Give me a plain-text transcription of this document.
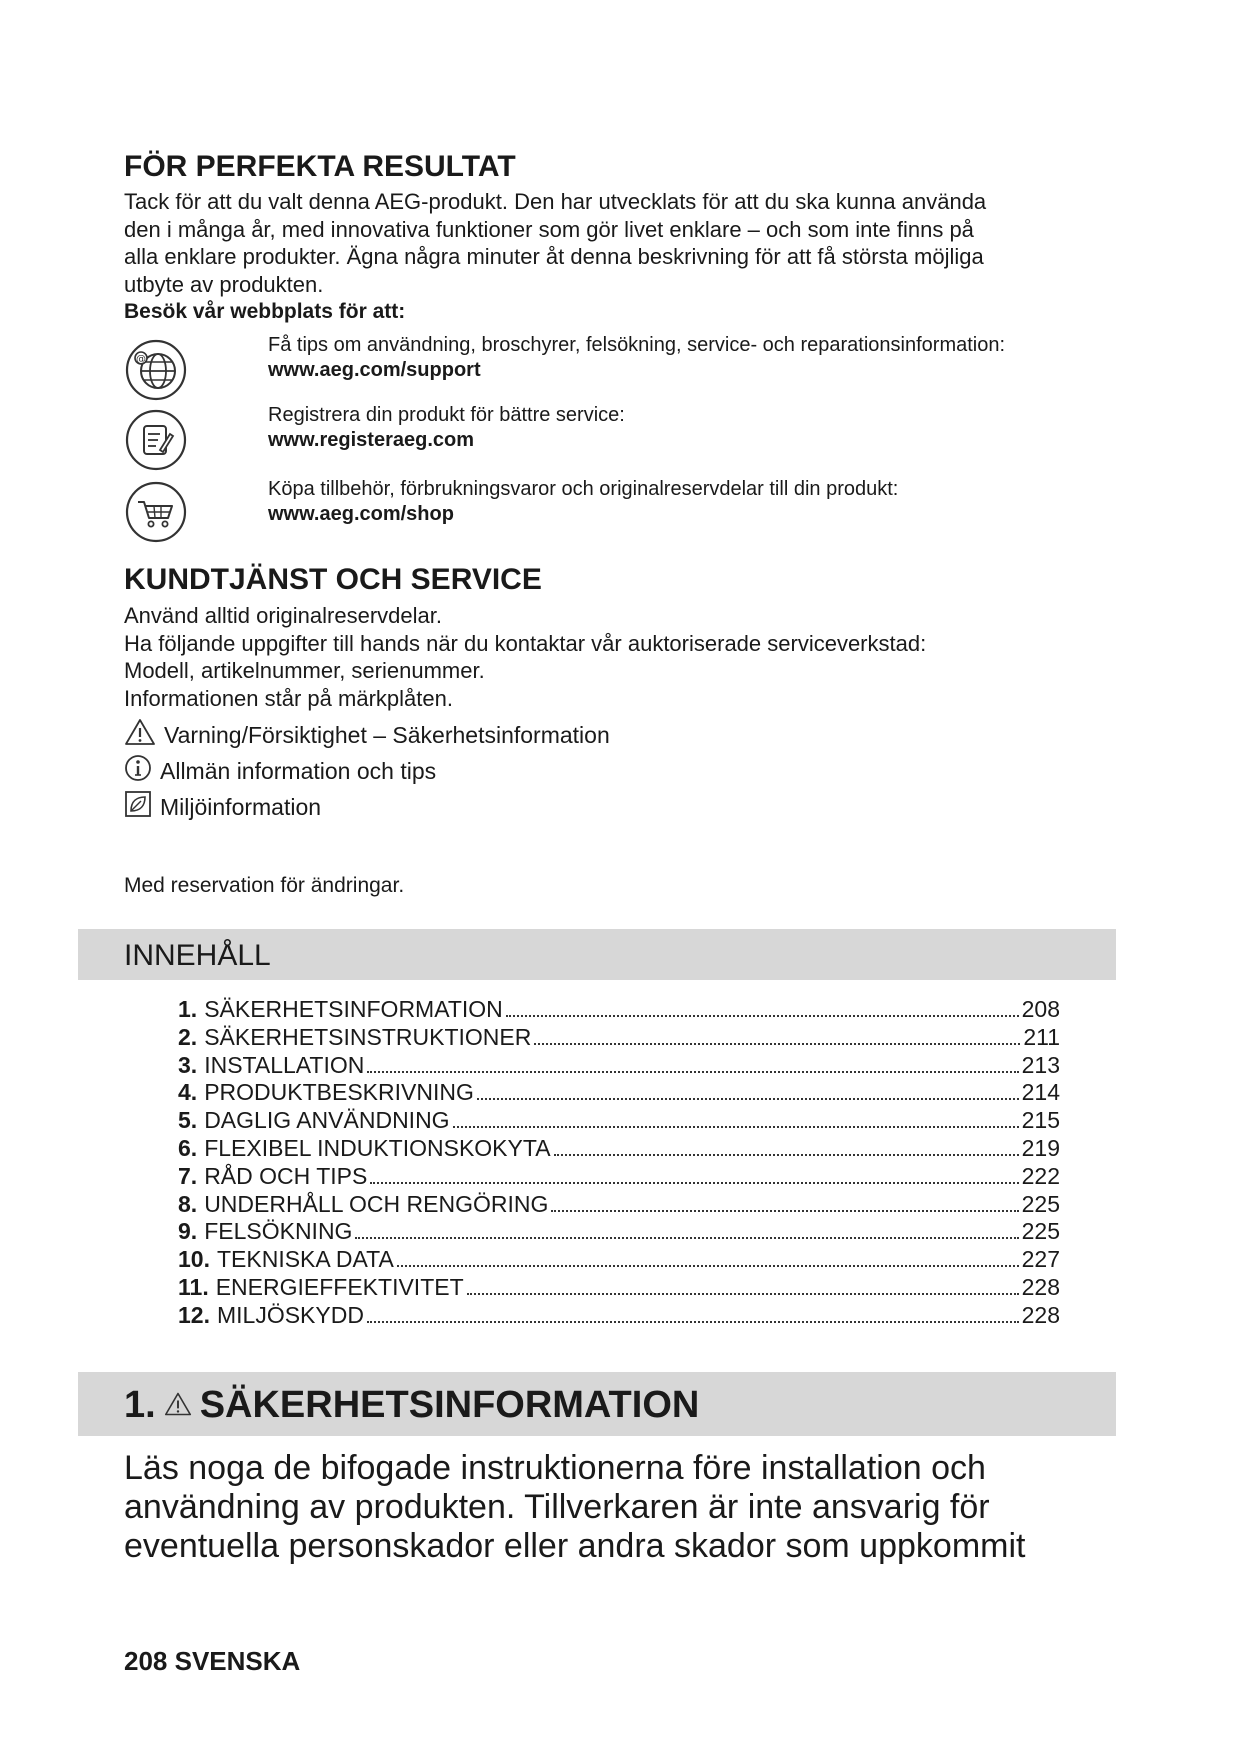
FÖR PERFEKTA RESULTAT
Tack för att du valt denna AEG-produkt. Den har utvecklats för att du ska kunna använda
den i många år, med innovativa funktioner som gör livet enklare – och som inte finns på
alla enklare produkter. Ägna några minuter åt denna beskrivning för att få största möjliga
utbyte av produkten.
Besök vår webbplats för att:
@
Få tips om användning, broschyrer, felsökning, service- och reparationsinformation:
www.aeg.com/support
Registrera din produkt för bättre service:
www.registeraeg.com
Köpa tillbehör, förbrukningsvaror och originalreservdelar till din produkt:
www.aeg.com/shop
KUNDTJÄNST OCH SERVICE
Använd alltid originalreservdelar.
Ha följande uppgifter till hands när du kontaktar vår auktoriserade serviceverkstad:
Modell, artikelnummer, serienummer.
Informationen står på märkplåten.
Varning/Försiktighet – Säkerhetsinformation
Allmän information och tips
Miljöinformation
Med reservation för ändringar.
INNEHÅLL
1. SÄKERHETSINFORMATION	208
2. SÄKERHETSINSTRUKTIONER	211
3. INSTALLATION	213
4. PRODUKTBESKRIVNING	214
5. DAGLIG ANVÄNDNING	215
6. FLEXIBEL INDUKTIONSKOKYTA	219
7. RÅD OCH TIPS	222
8. UNDERHÅLL OCH RENGÖRING	225
9. FELSÖKNING	225
10. TEKNISKA DATA	227
11. ENERGIEFFEKTIVITET	228
12. MILJÖSKYDD	228
1. SÄKERHETSINFORMATION
Läs noga de bifogade instruktionerna före installation och
användning av produkten. Tillverkaren är inte ansvarig för
eventuella personskador eller andra skador som uppkommit
208 SVENSKA
